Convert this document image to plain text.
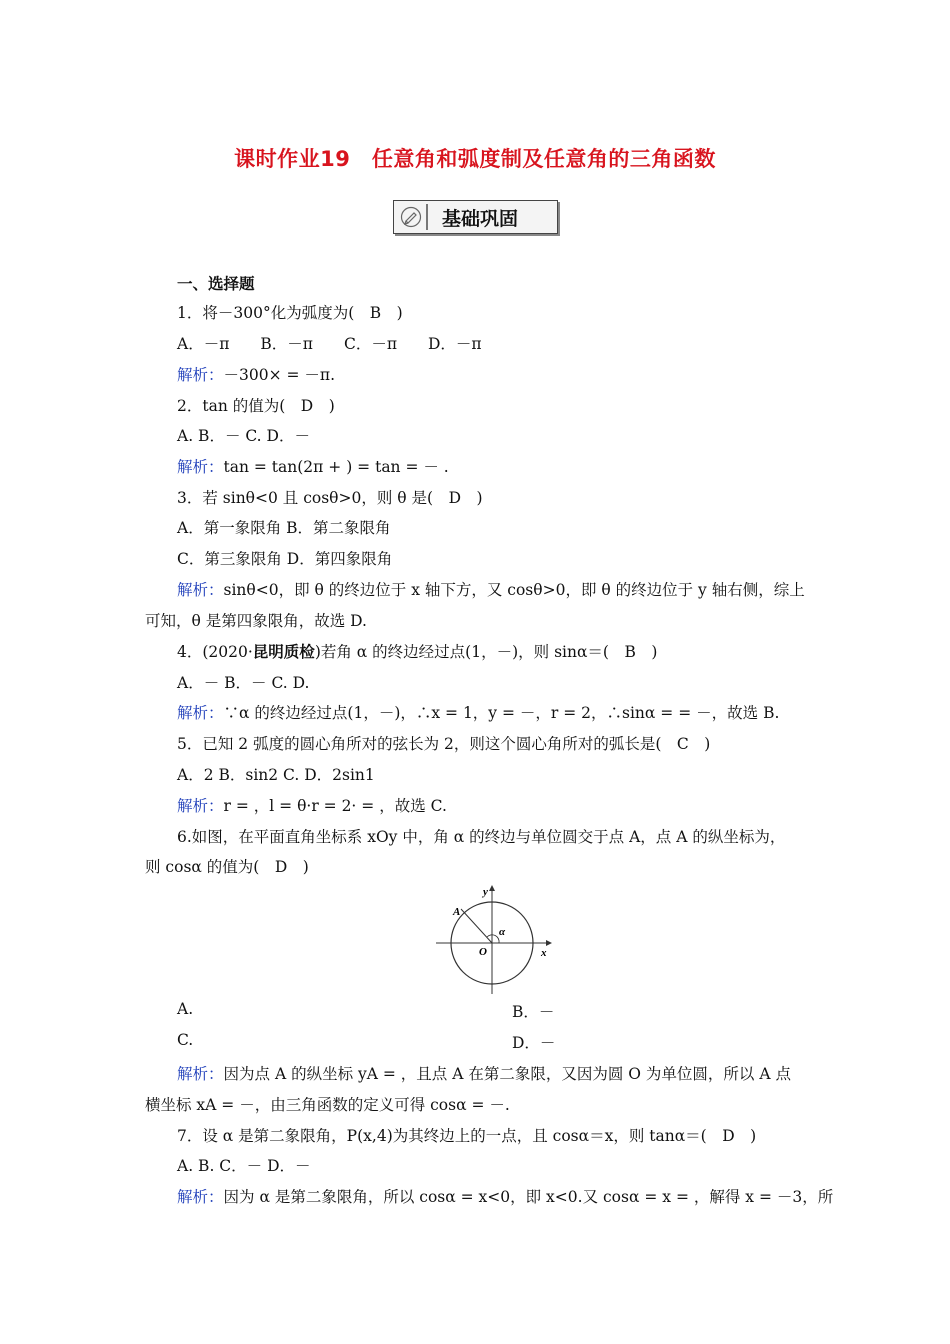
课时作业19　任意角和弧度制及任意角的三角函数
基础巩固
一、选择题
1．将－300°化为弧度为(　B　)
A．－π　　B．－π　　C．－π　　D．－π
解析：－300× = －π.
2．tan 的值为(　D　)
A. B．－ C. D．－
解析：tan = tan(2π + ) = tan = － .
3．若 sinθ<0 且 cosθ>0，则 θ 是(　D　)
A．第一象限角 B．第二象限角
C．第三象限角 D．第四象限角
解析：sinθ<0，即 θ 的终边位于 x 轴下方，又 cosθ>0，即 θ 的终边位于 y 轴右侧，综上
可知，θ 是第四象限角，故选 D.
4．(2020·昆明质检)若角 α 的终边经过点(1，－)，则 sinα＝(　B　)
A．－ B．－ C. D.
解析：∵α 的终边经过点(1，－)，∴x = 1，y = －，r = 2，∴sinα = = －，故选 B.
5．已知 2 弧度的圆心角所对的弦长为 2，则这个圆心角所对的弧长是(　C　)
A．2 B．sin2 C. D．2sin1
解析：r = ，l = θ·r = 2· = ，故选 C.
6.如图，在平面直角坐标系 xOy 中，角 α 的终边与单位圆交于点 A，点 A 的纵坐标为，
则 cosα 的值为(　D　)
y
x
O
A
α
A.	B．－
C.	D．－
解析：因为点 A 的纵坐标 yA = ，且点 A 在第二象限，又因为圆 O 为单位圆，所以 A 点
横坐标 xA = －，由三角函数的定义可得 cosα = －.
7．设 α 是第二象限角，P(x,4)为其终边上的一点，且 cosα＝x，则 tanα＝(　D　)
A. B. C．－ D．－
解析：因为 α 是第二象限角，所以 cosα = x<0，即 x<0.又 cosα = x = ，解得 x = －3，所
